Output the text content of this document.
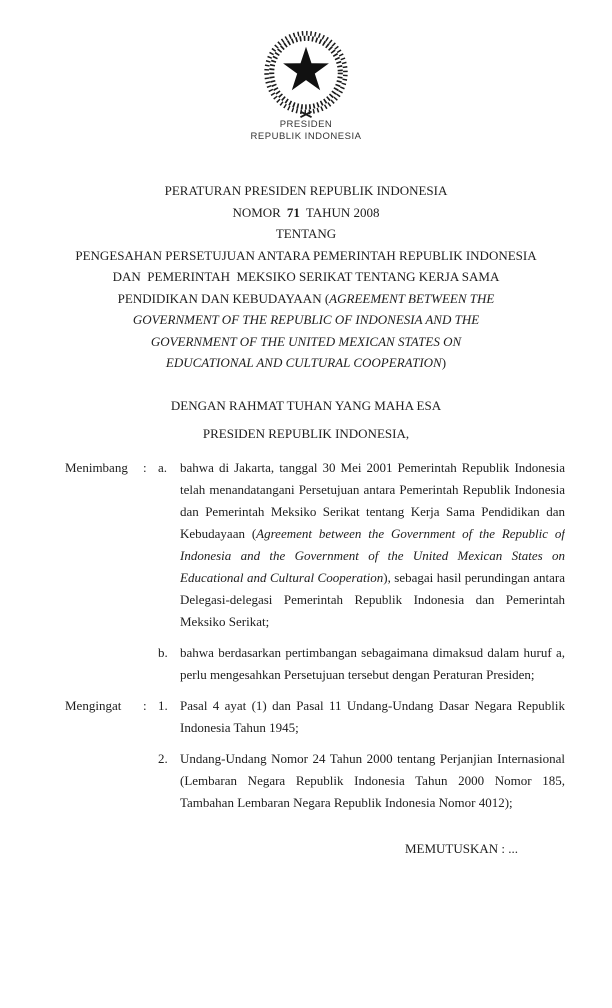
PRESIDEN
REPUBLIK INDONESIA
PERATURAN PRESIDEN REPUBLIK INDONESIA
NOMOR 71 TAHUN 2008
TENTANG
PENGESAHAN PERSETUJUAN ANTARA PEMERINTAH REPUBLIK INDONESIA
DAN  PEMERINTAH  MEKSIKO SERIKAT TENTANG KERJA SAMA
PENDIDIKAN DAN KEBUDAYAAN (AGREEMENT BETWEEN THE
GOVERNMENT OF THE REPUBLIC OF INDONESIA AND THE
GOVERNMENT OF THE UNITED MEXICAN STATES ON
EDUCATIONAL AND CULTURAL COOPERATION)
DENGAN RAHMAT TUHAN YANG MAHA ESA
PRESIDEN REPUBLIK INDONESIA,
Menimbang	: a. bahwa di Jakarta, tanggal 30 Mei 2001 Pemerintah Republik Indonesia
telah menandatangani Persetujuan antara Pemerintah Republik Indonesia
dan Pemerintah Meksiko Serikat tentang Kerja Sama Pendidikan dan
Kebudayaan (Agreement between the Government of the Republic of
Indonesia and the Government of the United Mexican States on
Educational and Cultural Cooperation), sebagai hasil perundingan antara
Delegasi-delegasi Pemerintah Republik Indonesia dan Pemerintah
Meksiko Serikat;
b. bahwa berdasarkan pertimbangan sebagaimana dimaksud dalam huruf a,
perlu mengesahkan Persetujuan tersebut dengan Peraturan Presiden;
Mengingat	: 1. Pasal 4 ayat (1) dan Pasal 11 Undang-Undang Dasar Negara Republik
Indonesia Tahun 1945;
2. Undang-Undang Nomor 24 Tahun 2000 tentang Perjanjian Internasional
(Lembaran Negara Republik Indonesia Tahun 2000 Nomor 185,
Tambahan Lembaran Negara Republik Indonesia Nomor 4012);
MEMUTUSKAN : ...
